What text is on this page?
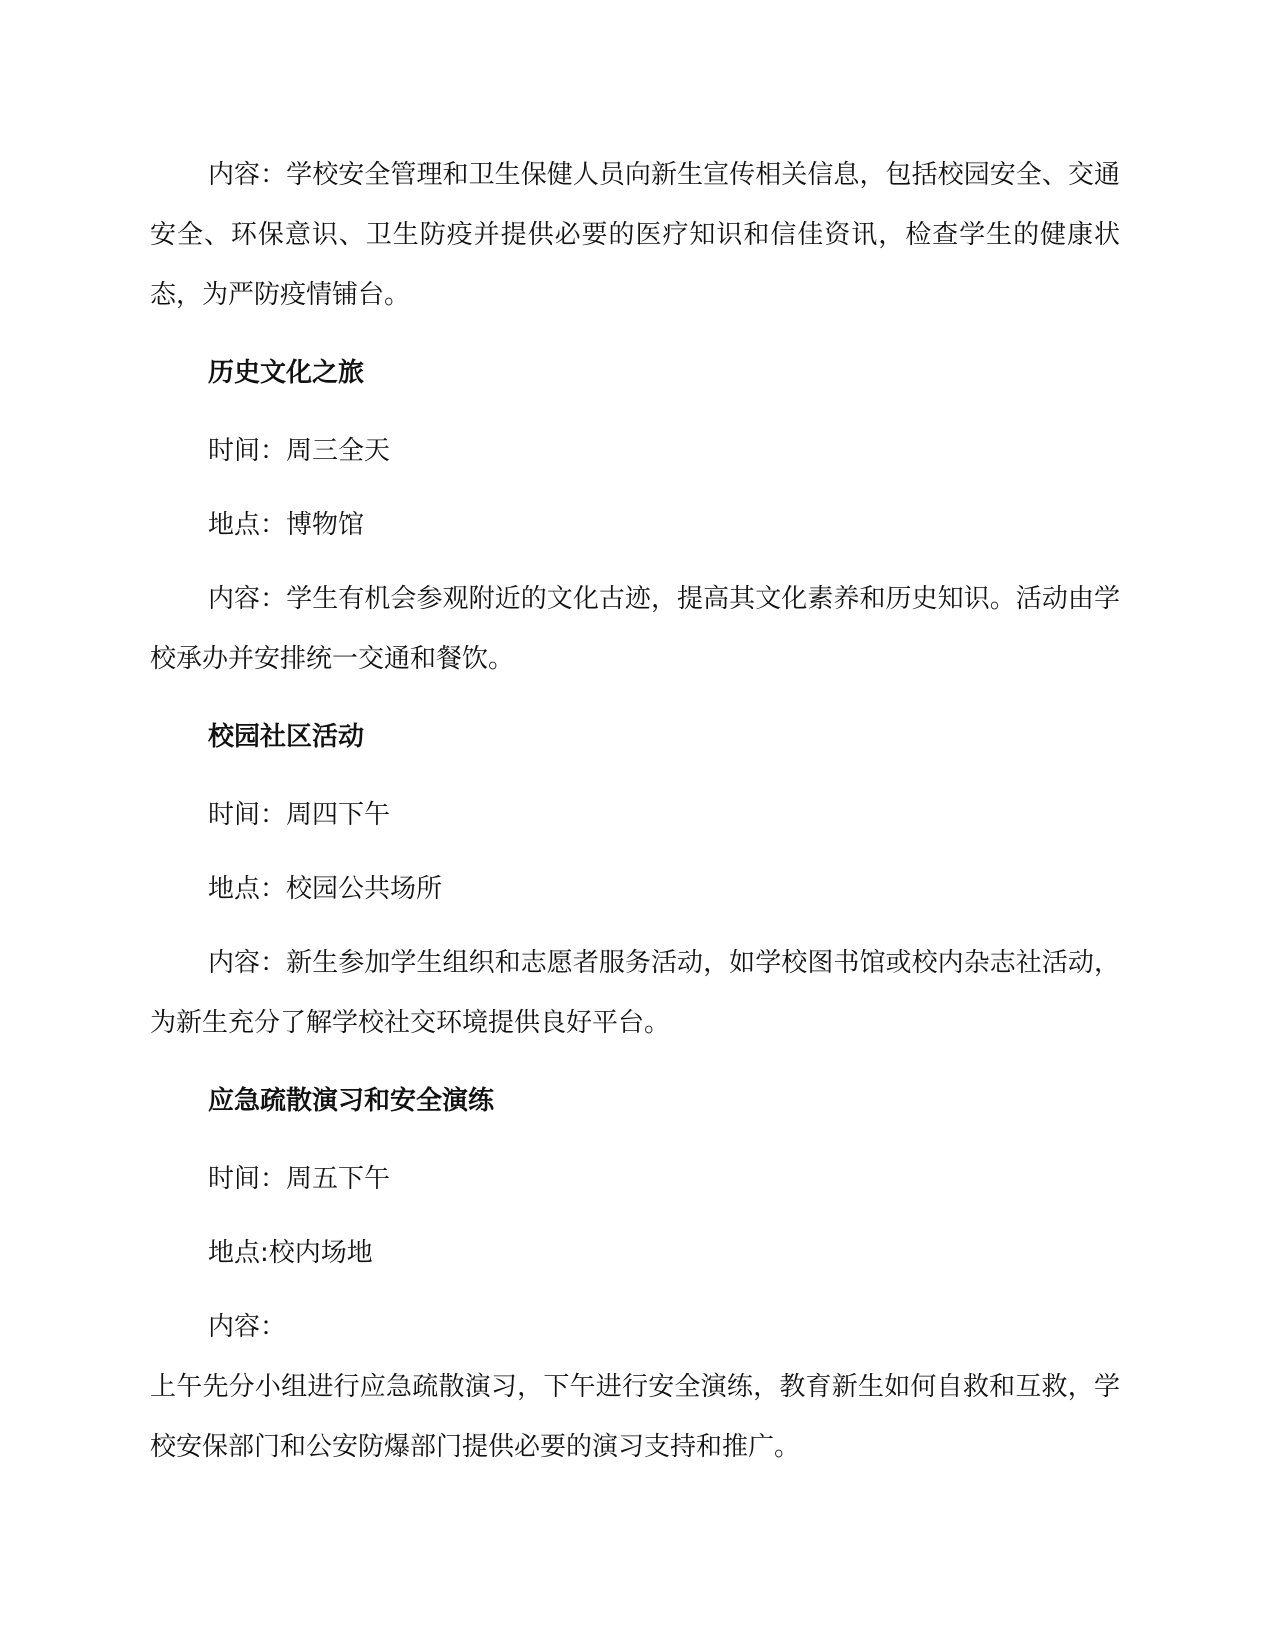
内容：学校安全管理和卫生保健人员向新生宣传相关信息，包括校园安全、交通安全、环保意识、卫生防疫并提供必要的医疗知识和信佳资讯，检查学生的健康状态，为严防疫情铺台。

历史文化之旅

时间：周三全天

地点：博物馆

内容：学生有机会参观附近的文化古迹，提高其文化素养和历史知识。活动由学校承办并安排统一交通和餐饮。

校园社区活动

时间：周四下午

地点：校园公共场所

内容：新生参加学生组织和志愿者服务活动，如学校图书馆或校内杂志社活动，为新生充分了解学校社交环境提供良好平台。

应急疏散演习和安全演练

时间：周五下午

地点:校内场地

内容：

上午先分小组进行应急疏散演习，下午进行安全演练，教育新生如何自救和互救，学校安保部门和公安防爆部门提供必要的演习支持和推广。
